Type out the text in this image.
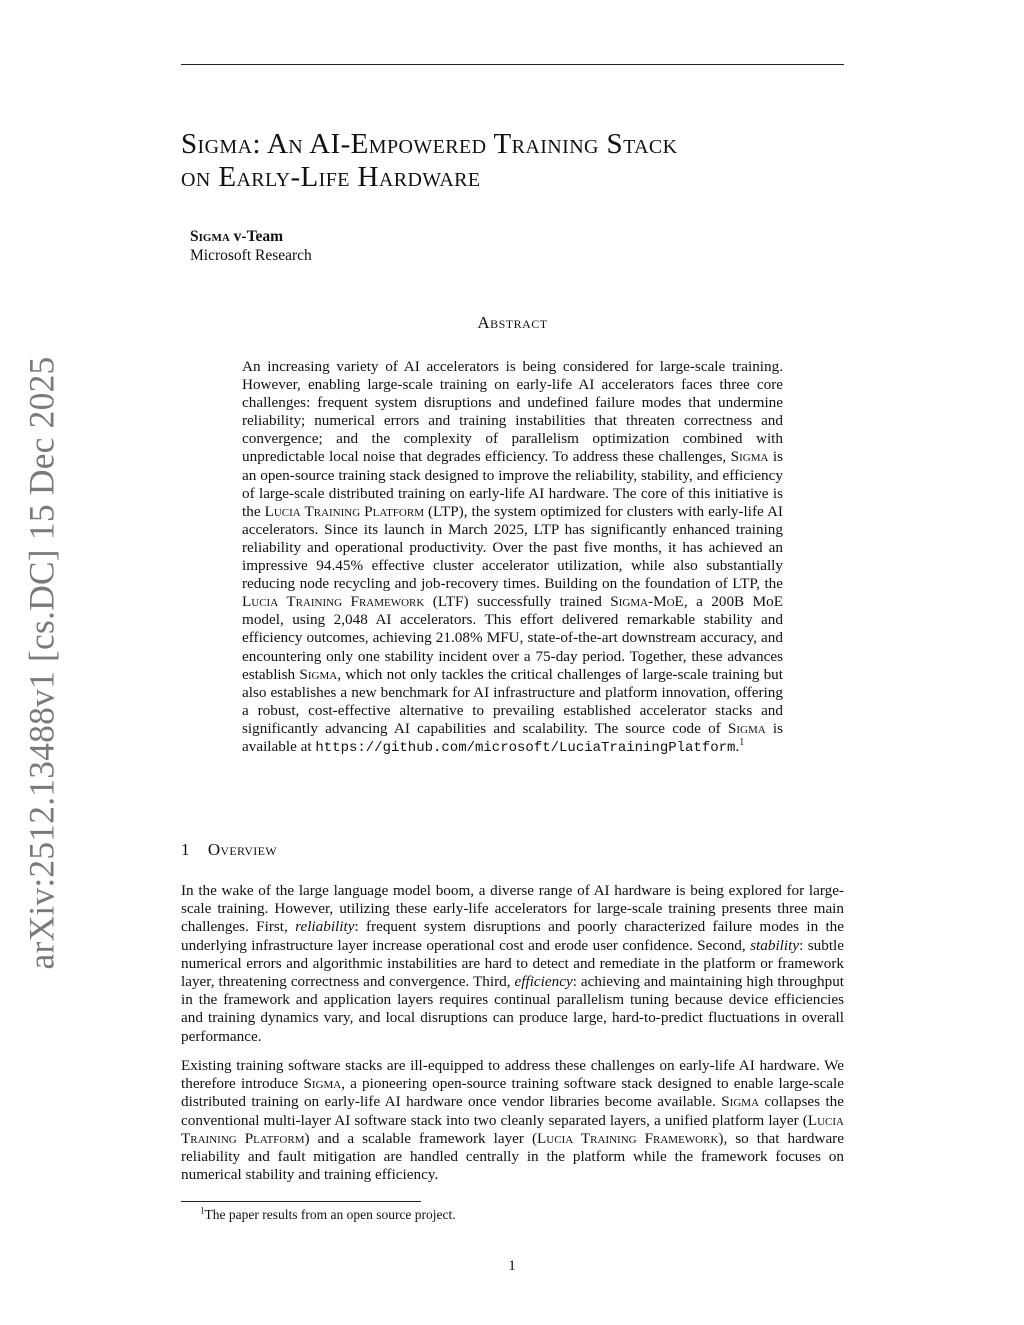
arXiv:2512.13488v1 [cs.DC] 15 Dec 2025
Sigma: An AI-Empowered Training Stack
on Early-Life Hardware
Sigma v-Team
Microsoft Research
Abstract

An increasing variety of AI accelerators is being considered for large-scale training. However, enabling large-scale training on early-life AI accelerators faces three core challenges: frequent system disruptions and undefined failure modes that undermine reliability; numerical errors and training instabilities that threaten correctness and convergence; and the complexity of parallelism optimization combined with unpredictable local noise that degrades efficiency. To address these challenges, Sigma is an open-source training stack designed to improve the reliability, stability, and efficiency of large-scale distributed training on early-life AI hardware. The core of this initiative is the Lucia Training Platform (LTP), the system optimized for clusters with early-life AI accelerators. Since its launch in March 2025, LTP has significantly enhanced training reliability and operational productivity. Over the past five months, it has achieved an impressive 94.45% effective cluster accelerator utilization, while also substantially reducing node recycling and job-recovery times. Building on the foundation of LTP, the Lucia Training Framework (LTF) successfully trained Sigma-MoE, a 200B MoE model, using 2,048 AI accelerators. This effort delivered remarkable stability and efficiency outcomes, achieving 21.08% MFU, state-of-the-art downstream accuracy, and encountering only one stability incident over a 75-day period. Together, these advances establish Sigma, which not only tackles the critical challenges of large-scale training but also establishes a new benchmark for AI infrastructure and platform innovation, offering a robust, cost-effective alternative to prevailing established accelerator stacks and significantly advancing AI capabilities and scalability. The source code of Sigma is available at https://github.com/microsoft/LuciaTrainingPlatform.$^1$

1 Overview

In the wake of the large language model boom, a diverse range of AI hardware is being explored for large-scale training. However, utilizing these early-life accelerators for large-scale training presents three main challenges. First, reliability: frequent system disruptions and poorly characterized failure modes in the underlying infrastructure layer increase operational cost and erode user confidence. Second, stability: subtle numerical errors and algorithmic instabilities are hard to detect and remediate in the platform or framework layer, threatening correctness and convergence. Third, efficiency: achieving and maintaining high throughput in the framework and application layers requires continual parallelism tuning because device efficiencies and training dynamics vary, and local disruptions can produce large, hard-to-predict fluctuations in overall performance.

Existing training software stacks are ill-equipped to address these challenges on early-life AI hardware. We therefore introduce Sigma, a pioneering open-source training software stack designed to enable large-scale distributed training on early-life AI hardware once vendor libraries become available. Sigma collapses the conventional multi-layer AI software stack into two cleanly separated layers, a unified platform layer (Lucia Training Platform) and a scalable framework layer (Lucia Training Framework), so that hardware reliability and fault mitigation are handled centrally in the platform while the framework focuses on numerical stability and training efficiency.

$^1$The paper results from an open source project.
1
